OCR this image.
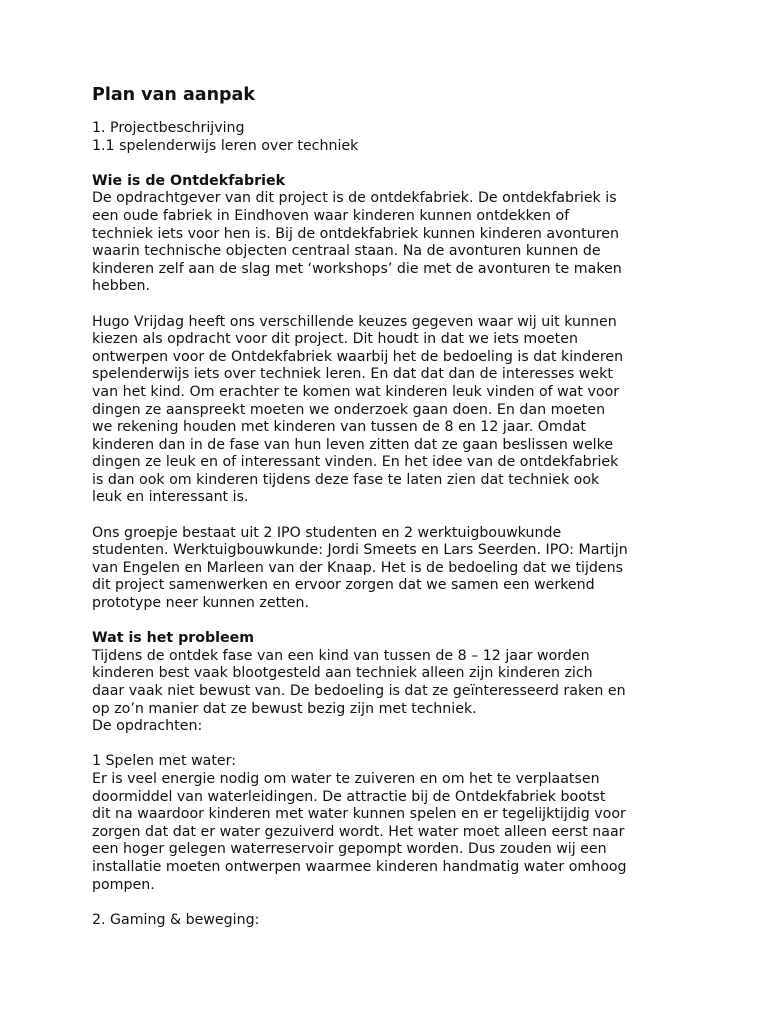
Plan van aanpak
1. Projectbeschrijving
1.1 spelenderwijs leren over techniek
Wie is de Ontdekfabriek
De opdrachtgever van dit project is de ontdekfabriek. De ontdekfabriek is
een oude fabriek in Eindhoven waar kinderen kunnen ontdekken of
techniek iets voor hen is. Bij de ontdekfabriek kunnen kinderen avonturen
waarin technische objecten centraal staan. Na de avonturen kunnen de
kinderen zelf aan de slag met ‘workshops’ die met de avonturen te maken
hebben.
Hugo Vrijdag heeft ons verschillende keuzes gegeven waar wij uit kunnen
kiezen als opdracht voor dit project. Dit houdt in dat we iets moeten
ontwerpen voor de Ontdekfabriek waarbij het de bedoeling is dat kinderen
spelenderwijs iets over techniek leren. En dat dat dan de interesses wekt
van het kind. Om erachter te komen wat kinderen leuk vinden of wat voor
dingen ze aanspreekt moeten we onderzoek gaan doen. En dan moeten
we rekening houden met kinderen van tussen de 8 en 12 jaar. Omdat
kinderen dan in de fase van hun leven zitten dat ze gaan beslissen welke
dingen ze leuk en of interessant vinden. En het idee van de ontdekfabriek
is dan ook om kinderen tijdens deze fase te laten zien dat techniek ook
leuk en interessant is.
Ons groepje bestaat uit 2 IPO studenten en 2 werktuigbouwkunde
studenten. Werktuigbouwkunde: Jordi Smeets en Lars Seerden. IPO: Martijn
van Engelen en Marleen van der Knaap. Het is de bedoeling dat we tijdens
dit project samenwerken en ervoor zorgen dat we samen een werkend
prototype neer kunnen zetten.
Wat is het probleem
Tijdens de ontdek fase van een kind van tussen de 8 – 12 jaar worden
kinderen best vaak blootgesteld aan techniek alleen zijn kinderen zich
daar vaak niet bewust van. De bedoeling is dat ze geïnteresseerd raken en
op zo’n manier dat ze bewust bezig zijn met techniek.
De opdrachten:
1 Spelen met water:
Er is veel energie nodig om water te zuiveren en om het te verplaatsen
doormiddel van waterleidingen. De attractie bij de Ontdekfabriek bootst
dit na waardoor kinderen met water kunnen spelen en er tegelijktijdig voor
zorgen dat dat er water gezuiverd wordt. Het water moet alleen eerst naar
een hoger gelegen waterreservoir gepompt worden. Dus zouden wij een
installatie moeten ontwerpen waarmee kinderen handmatig water omhoog
pompen.
2. Gaming & beweging:
